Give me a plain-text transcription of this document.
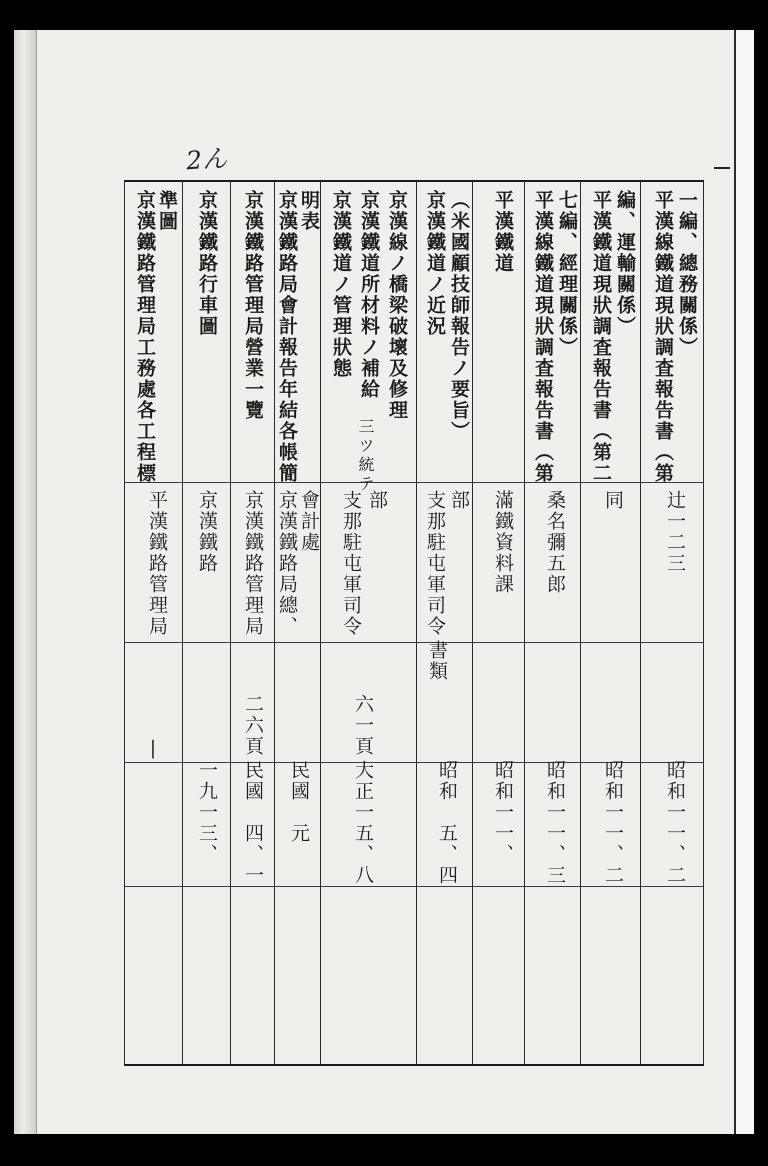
2ん
平漢線鐵道現狀調査報告書（第 一編、總務關係）
辻一二三
昭和一一、二
平漢鐵道現狀調査報告書（第二 編、運輸關係）
同
昭和一一、二
平漢線鐵道現狀調査報告書（第 七編、經理關係）
桑名彌五郎
昭和一一、三
平漢鐵道
滿鐵資料課
昭和一一、
京漢鐵道ノ近況 （米國顧技師報告ノ要旨）
支那駐屯軍司令 部
書類
昭和　五、四
京漢鐵道ノ管理狀態 京漢鐵道所材料ノ補給 京漢線ノ橋梁破壞及修理
三ツ統テ
支那駐屯軍司令 部
六一頁
大正一五、八
京漢鐵路局會計報告年結各帳簡 明表
京漢鐵路局總、 會計處
民國　元
京漢鐵路管理局營業一覽
京漢鐵路管理局
二六頁
民國　四、一
京漢鐵路行車圖
京漢鐵路
一九一三、
京漢鐵路管理局工務處各工程標 準圖
平漢鐵路管理局
|
